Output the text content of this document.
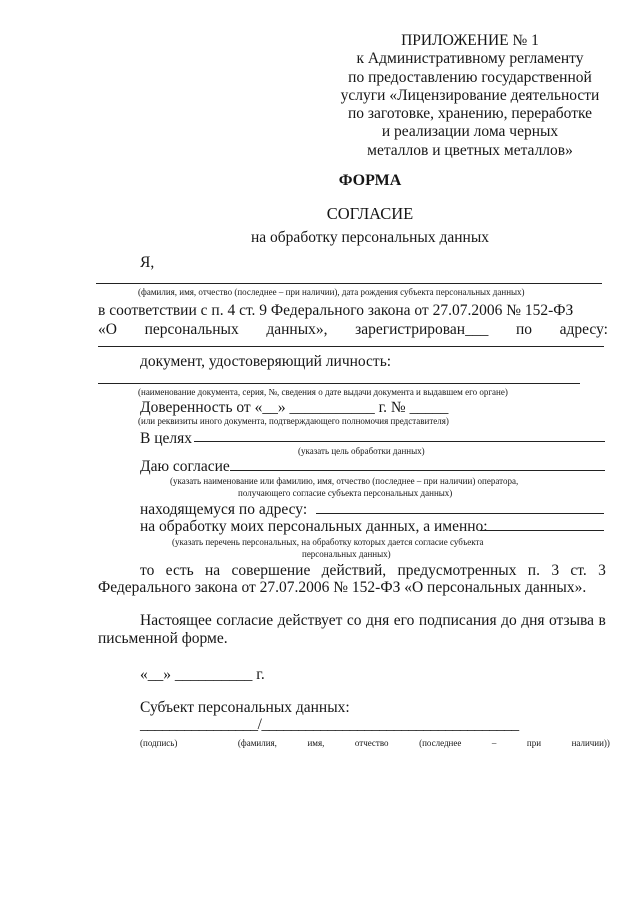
ПРИЛОЖЕНИЕ № 1
к Административному регламенту
по предоставлению государственной
услуги «Лицензирование деятельности
по заготовке, хранению, переработке
и реализации лома черных
металлов и цветных металлов»
ФОРМА
СОГЛАСИЕ
на обработку персональных данных
Я,
(фамилия, имя, отчество (последнее – при наличии), дата рождения субъекта персональных данных)
в соответствии с п. 4 ст. 9 Федерального закона от 27.07.2006 № 152-ФЗ
«О персональных данных», зарегистрирован___ по адресу:
документ, удостоверяющий личность:
(наименование документа, серия, №, сведения о дате выдачи документа и выдавшем его органе)
Доверенность от «__» ___________ г. № _____
(или реквизиты иного документа, подтверждающего полномочия представителя)
В целях
(указать цель обработки данных)
Даю согласие
(указать наименование или фамилию, имя, отчество (последнее – при наличии) оператора,
получающего согласие субъекта персональных данных)
находящемуся по адресу:
на обработку моих персональных данных, а именно:
(указать перечень персональных, на обработку которых дается согласие субъекта
персональных данных)
то есть на совершение действий, предусмотренных п. 3 ст. 3
Федерального закона от 27.07.2006 № 152-ФЗ «О персональных данных».
Настоящее согласие действует со дня его подписания до дня отзыва в
письменной форме.
«__» __________ г.
Субъект персональных данных:
________________/___________________________________
(подпись)	(фамилия,	имя,	отчество	(последнее	–	при	наличии))
